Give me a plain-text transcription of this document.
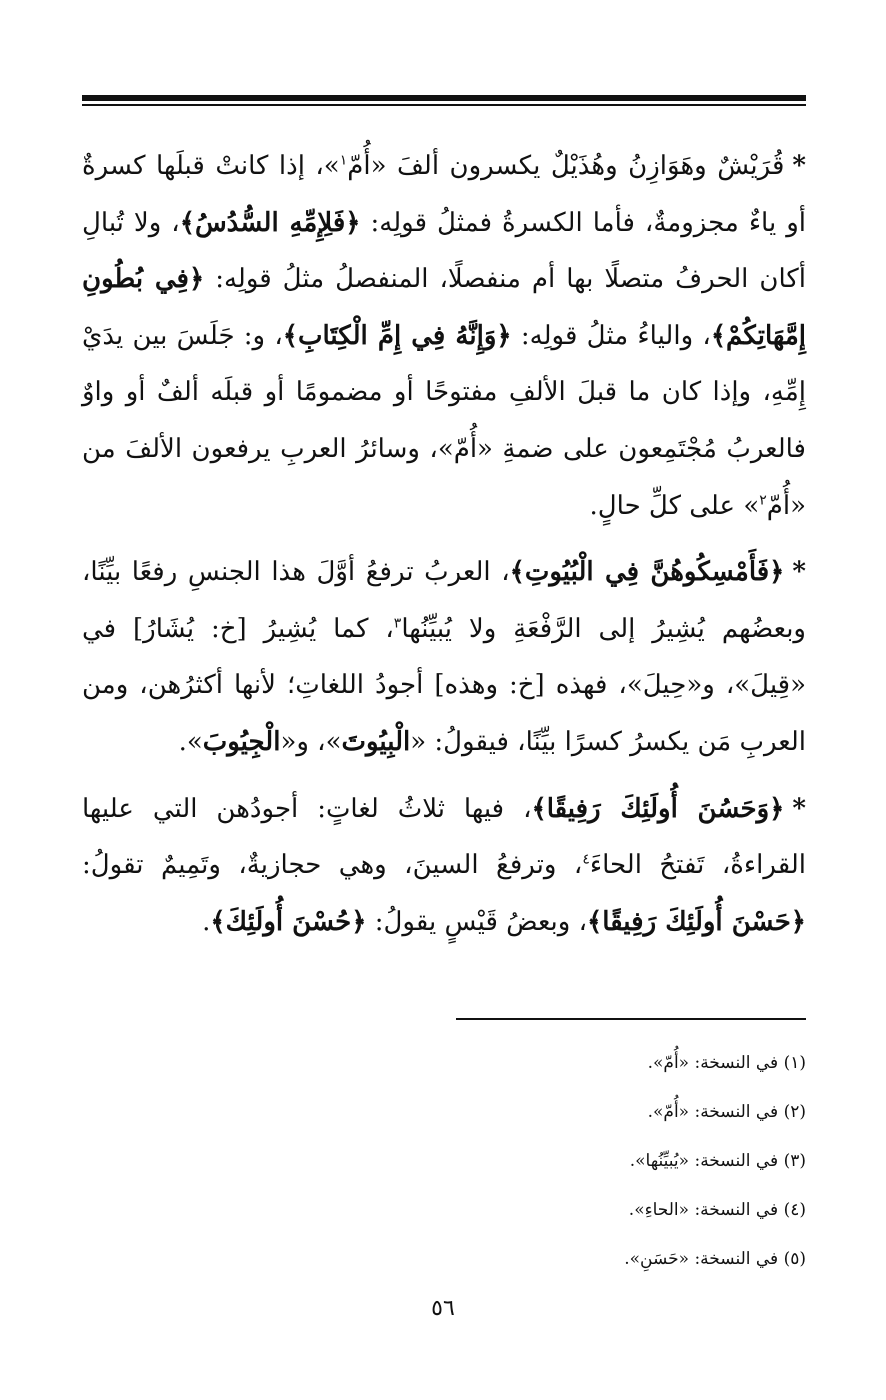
*قُرَيْشٌ وهَوَازِنُ وهُذَيْلٌ يكسرون ألفَ «أُمّ$^١$»، إذا كانتْ قبلَها كسرةٌ أو ياءٌ مجزومةٌ، فأما الكسرةُ فمثلُ قولِه: ﴿فَلِإِمِّهِ السُّدُسُ﴾، ولا تُبالِ أكان الحرفُ متصلًا بها أم منفصلًا، المنفصلُ مثلُ قولِه: ﴿فِي بُطُونِ إِمَّهَاتِكُمْ﴾، والياءُ مثلُ قولِه: ﴿وَإِنَّهُ فِي إِمِّ الْكِتَابِ﴾، و: جَلَسَ بين يدَيْ إِمِّهِ، وإذا كان ما قبلَ الألفِ مفتوحًا أو مضمومًا أو قبلَه ألفٌ أو واوٌ فالعربُ مُجْتَمِعون على ضمةِ «أُمّ»، وسائرُ العربِ يرفعون الألفَ من «أُمّ$^٢$» على كلِّ حالٍ.

*﴿فَأَمْسِكُوهُنَّ فِي الْبُيُوتِ﴾، العربُ ترفعُ أوَّلَ هذا الجنسِ رفعًا بيِّنًا، وبعضُهم يُشِيرُ إلى الرَّفْعَةِ ولا يُبيِّنُها$^٣$، كما يُشِيرُ [خ: يُشَارُ] في «قِيلَ»، و«حِيلَ»، فهذه [خ: وهذه] أجودُ اللغاتِ؛ لأنها أكثرُهن، ومن العربِ مَن يكسرُ كسرًا بيِّنًا، فيقولُ: «الْبِيُوتَ»، و«الْجِيُوبَ».

*﴿وَحَسُنَ أُولَئِكَ رَفِيقًا﴾، فيها ثلاثُ لغاتٍ: أجودُهن التي عليها القراءةُ، تَفتحُ الحاءَ$^٤$، وترفعُ السينَ، وهي حجازيةٌ، وتَمِيمٌ تقولُ: ﴿حَسْنَ أُولَئِكَ رَفِيقًا﴾، وبعضُ قَيْسٍ يقولُ: ﴿حُسْنَ أُولَئِكَ﴾.

(١) في النسخة: «أُمّ».
(٢) في النسخة: «أُمّ».
(٣) في النسخة: «يُبيِّنُها».
(٤) في النسخة: «الحاءِ».
(٥) في النسخة: «حَسَنِ».
٥٦
